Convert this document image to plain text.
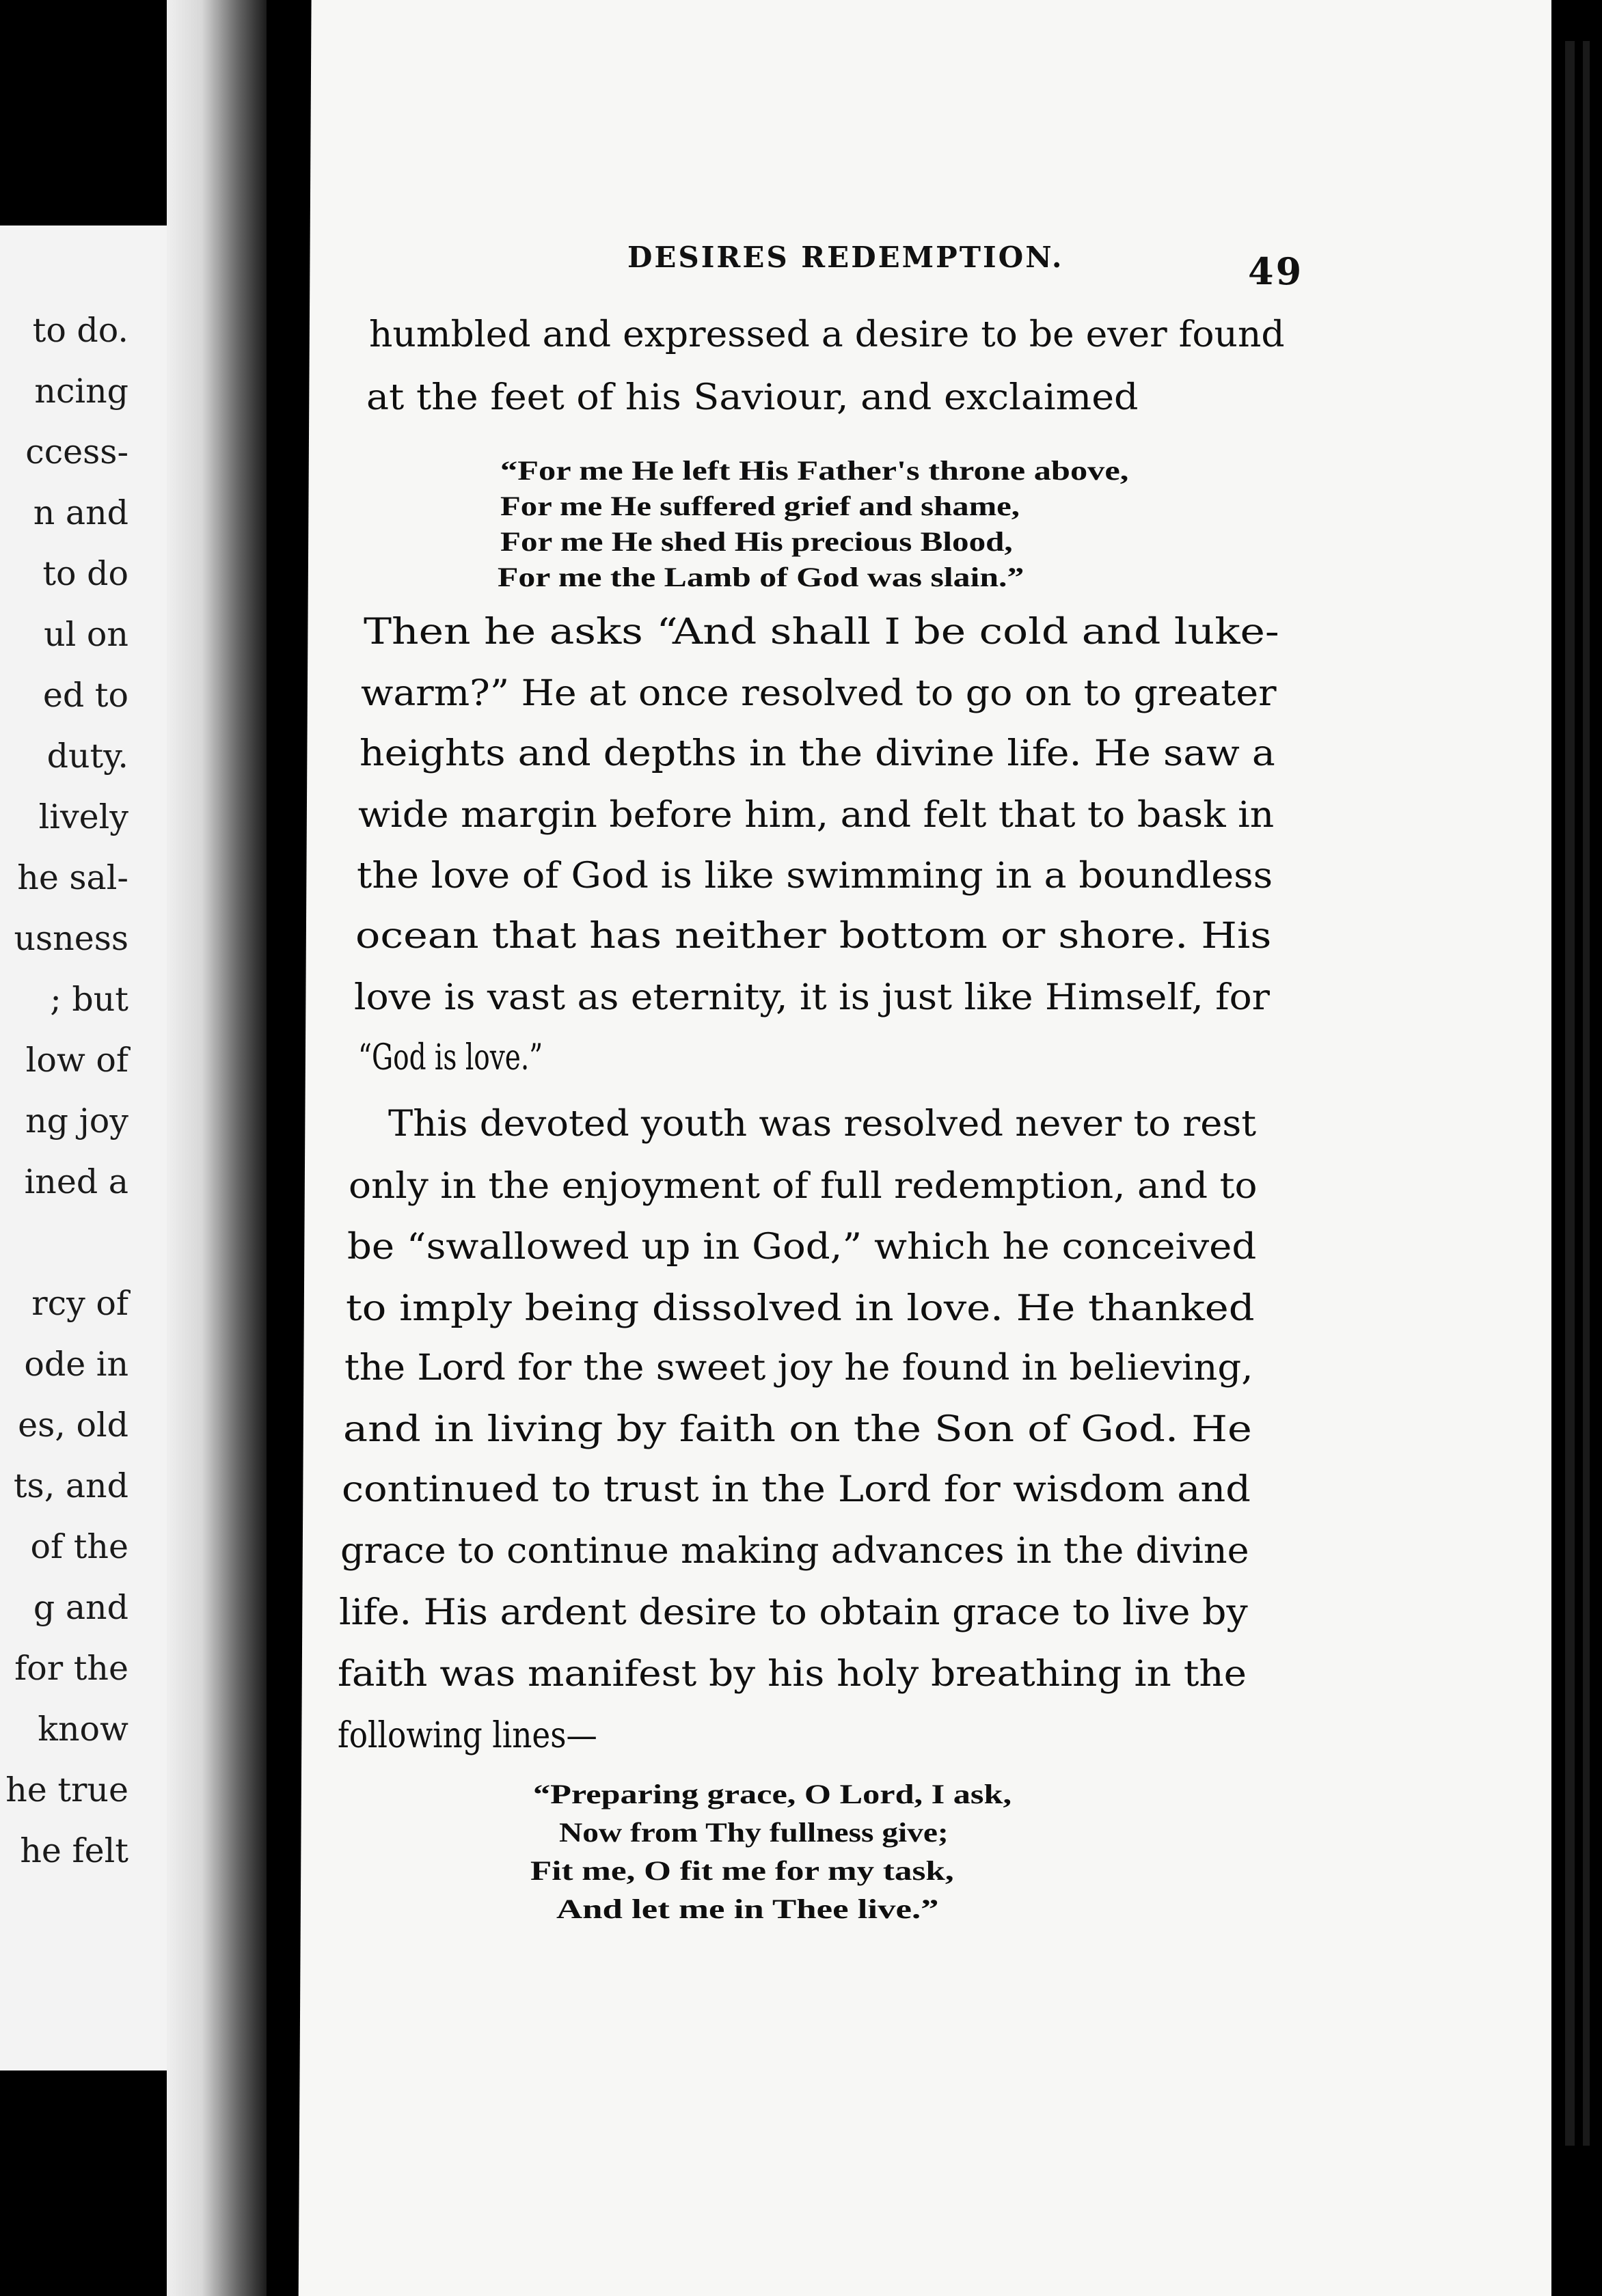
to do.
ncing
ccess-
n and
to do
ul on
ed to
duty.
lively
he sal-
usness
; but
low of
ng joy
ined a
rcy of
ode in
es, old
ts, and
of the
g and
for the
know
he true
he felt
DESIRES REDEMPTION.	49
humbled and expressed a desire to be ever found
at the feet of his Saviour, and exclaimed
“For me He left His Father's throne above,
For me He suffered grief and shame,
For me He shed His precious Blood,
For me the Lamb of God was slain.”
Then he asks “And shall I be cold and luke-
warm?” He at once resolved to go on to greater
heights and depths in the divine life. He saw a
wide margin before him, and felt that to bask in
the love of God is like swimming in a boundless
ocean that has neither bottom or shore. His
love is vast as eternity, it is just like Himself, for
“God is love.”
This devoted youth was resolved never to rest
only in the enjoyment of full redemption, and to
be “swallowed up in God,” which he conceived
to imply being dissolved in love. He thanked
the Lord for the sweet joy he found in believing,
and in living by faith on the Son of God. He
continued to trust in the Lord for wisdom and
grace to continue making advances in the divine
life. His ardent desire to obtain grace to live by
faith was manifest by his holy breathing in the
following lines—
“Preparing grace, O Lord, I ask,
Now from Thy fullness give;
Fit me, O fit me for my task,
And let me in Thee live.”
